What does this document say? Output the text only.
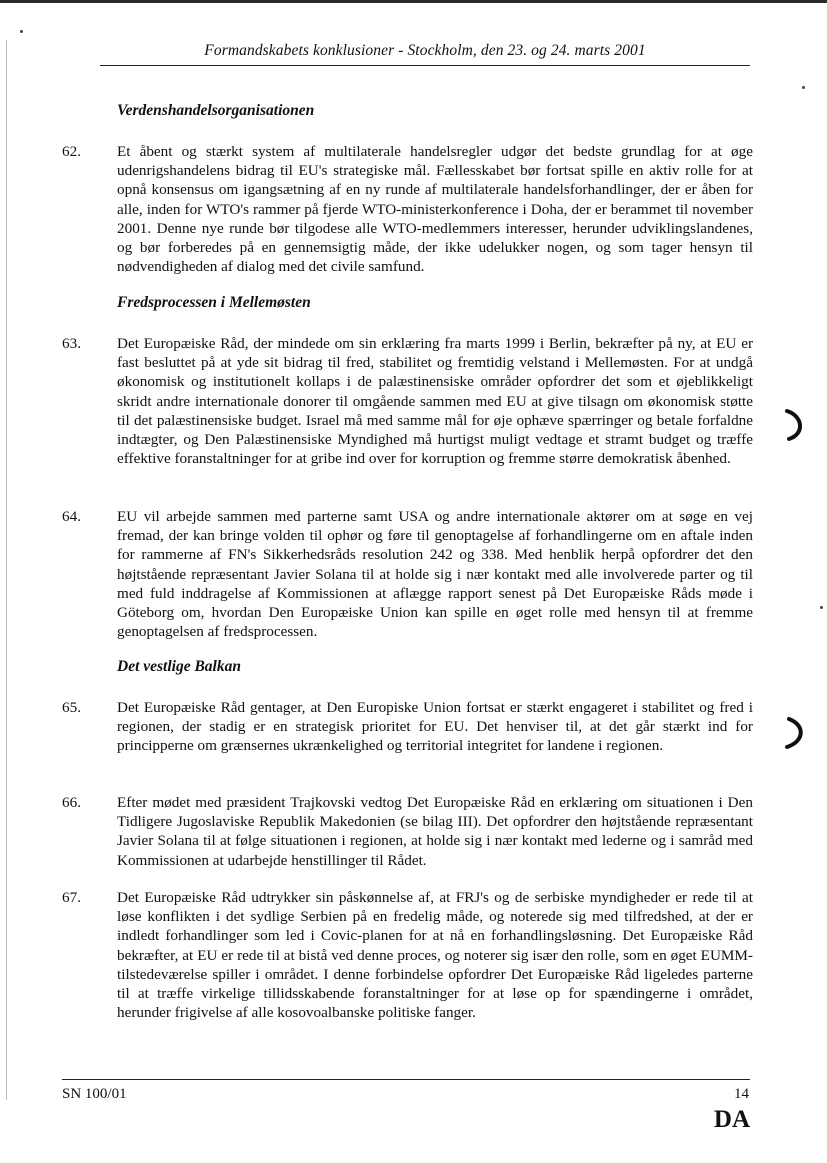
Formandskabets konklusioner - Stockholm, den 23. og 24. marts 2001
Verdenshandelsorganisationen
62.	Et åbent og stærkt system af multilaterale handelsregler udgør det bedste grundlag for at øge udenrigshandelens bidrag til EU's strategiske mål. Fællesskabet bør fortsat spille en aktiv rolle for at opnå konsensus om igangsætning af en ny runde af multilaterale handelsforhandlinger, der er åben for alle, inden for WTO's rammer på fjerde WTO-ministerkonference i Doha, der er berammet til november 2001. Denne nye runde bør tilgodese alle WTO-medlemmers interesser, herunder udviklingslandenes, og bør forberedes på en gennemsigtig måde, der ikke udelukker nogen, og som tager hensyn til nødvendigheden af dialog med det civile samfund.

Fredsprocessen i Mellemøsten
63.	Det Europæiske Råd, der mindede om sin erklæring fra marts 1999 i Berlin, bekræfter på ny, at EU er fast besluttet på at yde sit bidrag til fred, stabilitet og fremtidig velstand i Mellemøsten. For at undgå økonomisk og institutionelt kollaps i de palæstinensiske områder opfordrer det som et øjeblikkeligt skridt andre internationale donorer til omgående sammen med EU at give tilsagn om økonomisk støtte til det palæstinensiske budget. Israel må med samme mål for øje ophæve spærringer og betale forfaldne indtægter, og Den Palæstinensiske Myndighed må hurtigst muligt vedtage et stramt budget og træffe effektive foranstaltninger for at gribe ind over for korruption og fremme større demokratisk åbenhed.

64.	EU vil arbejde sammen med parterne samt USA og andre internationale aktører om at søge en vej fremad, der kan bringe volden til ophør og føre til genoptagelse af forhandlingerne om en aftale inden for rammerne af FN's Sikkerhedsråds resolution 242 og 338. Med henblik herpå opfordrer det den højtstående repræsentant Javier Solana til at holde sig i nær kontakt med alle involverede parter og til med fuld inddragelse af Kommissionen at aflægge rapport senest på Det Europæiske Råds møde i Göteborg om, hvordan Den Europæiske Union kan spille en øget rolle med hensyn til at fremme genoptagelsen af fredsprocessen.

Det vestlige Balkan
65.	Det Europæiske Råd gentager, at Den Europiske Union fortsat er stærkt engageret i stabilitet og fred i regionen, der stadig er en strategisk prioritet for EU. Det henviser til, at det går stærkt ind for principperne om grænsernes ukrænkelighed og territorial integritet for landene i regionen.

66.	Efter mødet med præsident Trajkovski vedtog Det Europæiske Råd en erklæring om situationen i Den Tidligere Jugoslaviske Republik Makedonien (se bilag III). Det opfordrer den højtstående repræsentant Javier Solana til at følge situationen i regionen, at holde sig i nær kontakt med lederne og i samråd med Kommissionen at udarbejde henstillinger til Rådet.

67.	Det Europæiske Råd udtrykker sin påskønnelse af, at FRJ's og de serbiske myndigheder er rede til at løse konflikten i det sydlige Serbien på en fredelig måde, og noterede sig med tilfredshed, at der er indledt forhandlinger som led i Covic-planen for at nå en forhandlingsløsning. Det Europæiske Råd bekræfter, at EU er rede til at bistå ved denne proces, og noterer sig især den rolle, som en øget EUMM-tilstedeværelse spiller i området. I denne forbindelse opfordrer Det Europæiske Råd ligeledes parterne til at træffe virkelige tillidsskabende foranstaltninger for at løse op for spændingerne i området, herunder frigivelse af alle kosovoalbanske politiske fanger.

SN 100/01	14
DA
